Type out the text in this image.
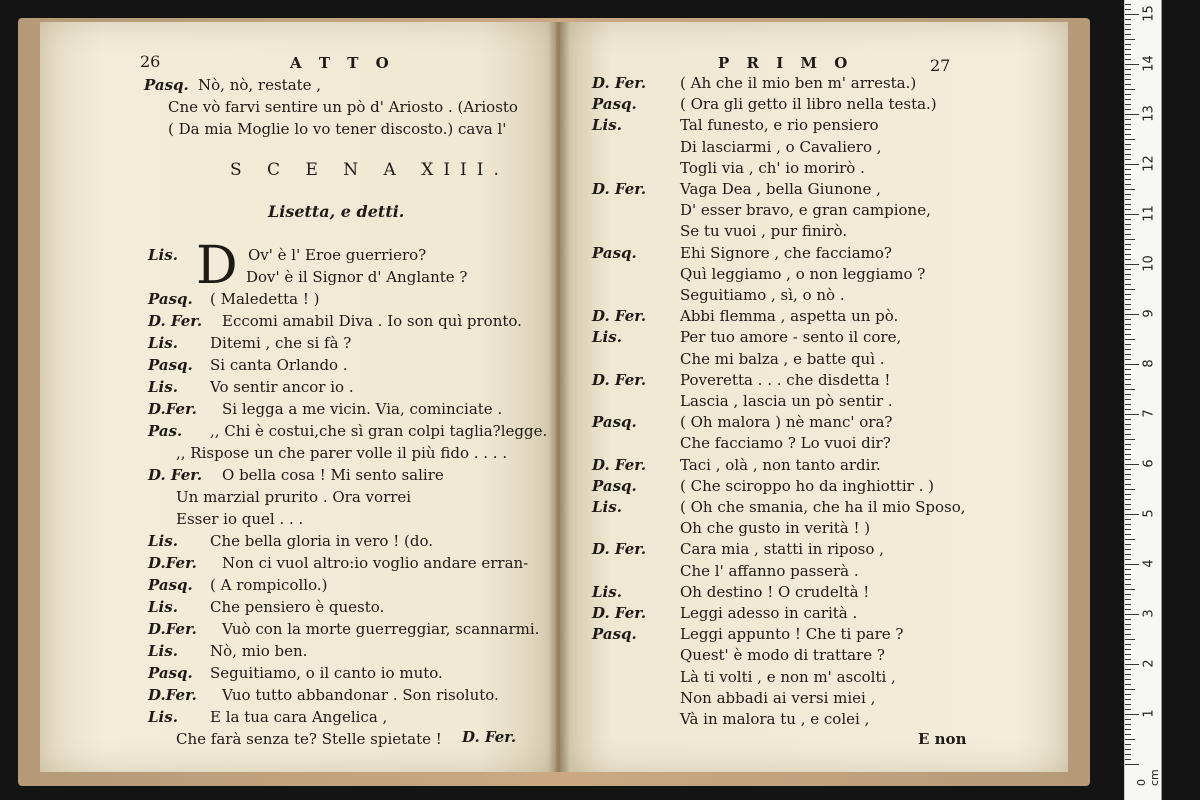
26	A T T O
Pasq. Nò, nò, restate ,
Cne vò farvi sentire un pò d' Ariosto . (Ariosto
( Da mia Moglie lo vo tener discosto.) cava l'
S C E N A XIII.
Lisetta, e detti.
D
Lis.	Ov' è l' Eroe guerriero?
Dov' è il Signor d' Anglante ?
Pasq. ( Maledetta ! )
D. Fer. Eccomi amabil Diva . Io son quì pronto.
Lis. Ditemi , che si fà ?
Pasq. Si canta Orlando .
Lis. Vo sentir ancor io .
D.Fer. Si legga a me vicin. Via, cominciate .
Pas. ,, Chi è costui,che sì gran colpi taglia?legge.
,, Rispose un che parer volle il più fido . . . .
D. Fer. O bella cosa ! Mi sento salire
Un marzial prurito . Ora vorrei
Esser io quel . . .
Lis. Che bella gloria in vero ! (do.
D.Fer. Non ci vuol altro:io voglio andare erran-
Pasq. ( A rompicollo.)
Lis. Che pensiero è questo.
D.Fer. Vuò con la morte guerreggiar, scannarmi.
Lis. Nò, mio ben.
Pasq. Seguitiamo, o il canto io muto.
D.Fer. Vuo tutto abbandonar . Son risoluto.
Lis. E la tua cara Angelica ,
Che farà senza te? Stelle spietate ! D. Fer.
P R I M O	27
D. Fer. ( Ah che il mio ben m' arresta.)
Pasq.	( Ora gli getto il libro nella testa.)
Lis.	Tal funesto, e rio pensiero
Di lasciarmi , o Cavaliero ,
Togli via , ch' io morirò .
D. Fer. Vaga Dea , bella Giunone ,
D' esser bravo, e gran campione,
Se tu vuoi , pur finirò.
Pasq.	Ehi Signore , che facciamo?
Quì leggiamo , o non leggiamo ?
Seguitiamo , sì, o nò .
D. Fer. Abbi flemma , aspetta un pò.
Lis.	Per tuo amore - sento il core,
Che mi balza , e batte quì .
D. Fer. Poveretta . . . che disdetta !
Lascia , lascia un pò sentir .
Pasq.	( Oh malora ) nè manc' ora?
Che facciamo ? Lo vuoi dir?
D. Fer. Taci , olà , non tanto ardir.
Pasq.	( Che sciroppo ho da inghiottir . )
Lis.	( Oh che smania, che ha il mio Sposo,
Oh che gusto in verità ! )
D. Fer. Cara mia , statti in riposo ,
Che l' affanno passerà .
Lis.	Oh destino ! O crudeltà !
D. Fer. Leggi adesso in carità .
Pasq.	Leggi appunto ! Che ti pare ?
Quest' è modo di trattare ?
Là ti volti , e non m' ascolti ,
Non abbadi ai versi miei ,
Và in malora tu , e colei ,
E non
1
2
3
4
5
6
7
8
9
10
11
12
13
14
15
0 cm
